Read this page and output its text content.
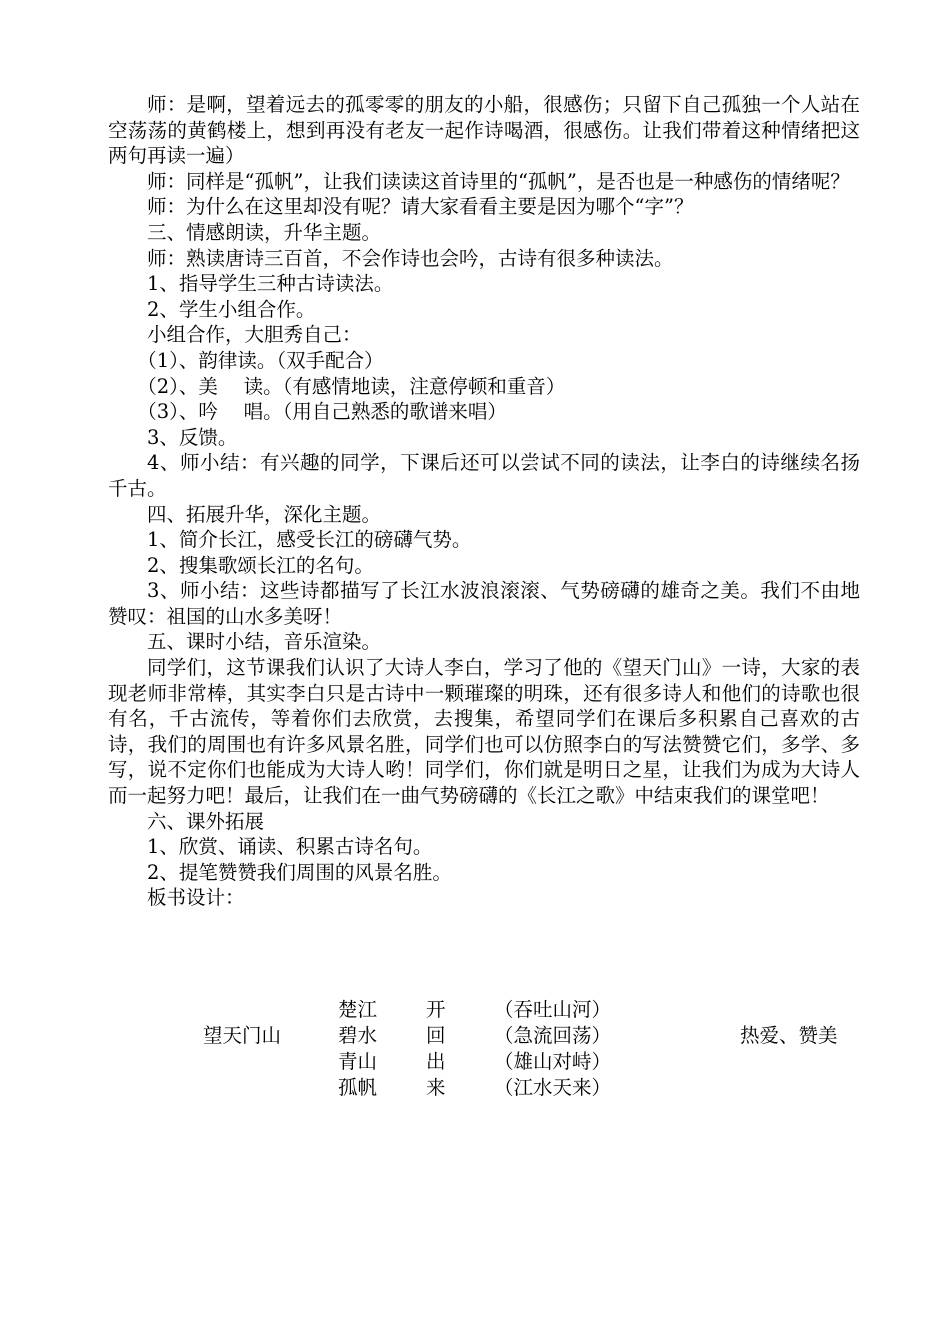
师：是啊，望着远去的孤零零的朋友的小船，很感伤；只留下自己孤独一个人站在空荡荡的黄鹤楼上，想到再没有老友一起作诗喝酒，很感伤。让我们带着这种情绪把这两句再读一遍）

师：同样是“孤帆”，让我们读读这首诗里的“孤帆”，是否也是一种感伤的情绪呢？

师：为什么在这里却没有呢？请大家看看主要是因为哪个“字”？

三、情感朗读，升华主题。

师：熟读唐诗三百首，不会作诗也会吟，古诗有很多种读法。

1、指导学生三种古诗读法。

2、学生小组合作。

小组合作，大胆秀自己：

（1）、韵律读。（双手配合）

（2）、美　 读。（有感情地读，注意停顿和重音）

（3）、吟　 唱。（用自己熟悉的歌谱来唱）

3、反馈。

4、师小结：有兴趣的同学，下课后还可以尝试不同的读法，让李白的诗继续名扬千古。

四、拓展升华，深化主题。

1、简介长江，感受长江的磅礴气势。

2、搜集歌颂长江的名句。

3、师小结：这些诗都描写了长江水波浪滚滚、气势磅礴的雄奇之美。我们不由地赞叹：祖国的山水多美呀！

五、课时小结，音乐渲染。

同学们，这节课我们认识了大诗人李白，学习了他的《望天门山》一诗，大家的表现老师非常棒，其实李白只是古诗中一颗璀璨的明珠，还有很多诗人和他们的诗歌也很有名，千古流传，等着你们去欣赏，去搜集，希望同学们在课后多积累自己喜欢的古诗，我们的周围也有许多风景名胜，同学们也可以仿照李白的写法赞赞它们，多学、多写，说不定你们也能成为大诗人哟！同学们，你们就是明日之星，让我们为成为大诗人而一起努力吧！最后，让我们在一曲气势磅礴的《长江之歌》中结束我们的课堂吧！

六、课外拓展

1、欣赏、诵读、积累古诗名句。

2、提笔赞赞我们周围的风景名胜。

板书设计：

望天门山
楚江	开 （吞吐山河）
碧水	回 （急流回荡）
青山	出 （雄山对峙）
孤帆	来 （江水天来）
热爱、赞美
